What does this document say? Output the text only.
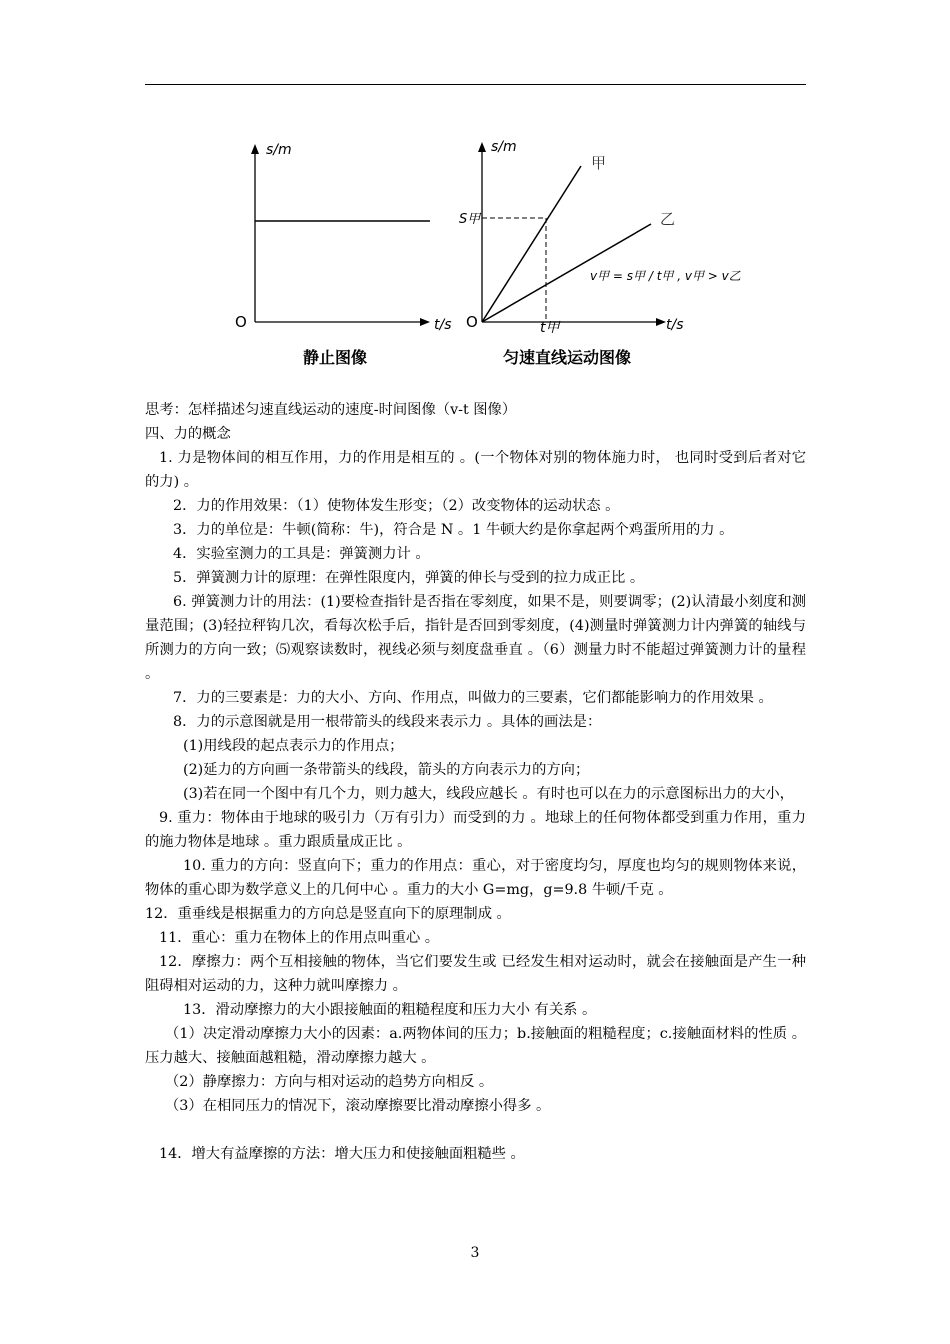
s/m
O	t/s
s/m
O	t/s
甲
乙
S甲
t甲
v甲 = s甲 / t甲 , v甲 > v乙
静止图像	匀速直线运动图像

思考：怎样描述匀速直线运动的速度-时间图像（v-t 图像）

四、力的概念

1. 力是物体间的相互作用，力的作用是相互的 。(一个物体对别的物体施力时， 也同时受到后者对它的力) 。

2．力的作用效果：（1）使物体发生形变；（2）改变物体的运动状态 。

3．力的单位是：牛顿(简称：牛)，符合是 N 。1 牛顿大约是你拿起两个鸡蛋所用的力 。

4．实验室测力的工具是：弹簧测力计 。

5．弹簧测力计的原理：在弹性限度内，弹簧的伸长与受到的拉力成正比 。

6. 弹簧测力计的用法：(1)要检查指针是否指在零刻度，如果不是，则要调零；(2)认清最小刻度和测量范围；(3)轻拉秤钩几次，看每次松手后，指针是否回到零刻度，(4)测量时弹簧测力计内弹簧的轴线与所测力的方向一致；⑸观察读数时，视线必须与刻度盘垂直 。（6）测量力时不能超过弹簧测力计的量程 。

7．力的三要素是：力的大小、方向、作用点，叫做力的三要素，它们都能影响力的作用效果 。

8．力的示意图就是用一根带箭头的线段来表示力 。具体的画法是：

(1)用线段的起点表示力的作用点；

(2)延力的方向画一条带箭头的线段，箭头的方向表示力的方向；

(3)若在同一个图中有几个力，则力越大，线段应越长 。有时也可以在力的示意图标出力的大小，

9. 重力：物体由于地球的吸引力（万有引力）而受到的力 。地球上的任何物体都受到重力作用，重力的施力物体是地球 。重力跟质量成正比 。

10. 重力的方向：竖直向下；重力的作用点：重心，对于密度均匀，厚度也均匀的规则物体来说，物体的重心即为数学意义上的几何中心 。重力的大小 G=mg，g=9.8 牛顿/千克 。

12．重垂线是根据重力的方向总是竖直向下的原理制成 。

11．重心：重力在物体上的作用点叫重心 。

12．摩擦力：两个互相接触的物体，当它们要发生或 已经发生相对运动时，就会在接触面是产生一种阻碍相对运动的力，这种力就叫摩擦力 。

13．滑动摩擦力的大小跟接触面的粗糙程度和压力大小 有关系 。

（1）决定滑动摩擦力大小的因素：a.两物体间的压力；b.接触面的粗糙程度；c.接触面材料的性质 。压力越大、接触面越粗糙，滑动摩擦力越大 。

（2）静摩擦力：方向与相对运动的趋势方向相反 。

（3）在相同压力的情况下，滚动摩擦要比滑动摩擦小得多 。

14．增大有益摩擦的方法：增大压力和使接触面粗糙些 。

3
